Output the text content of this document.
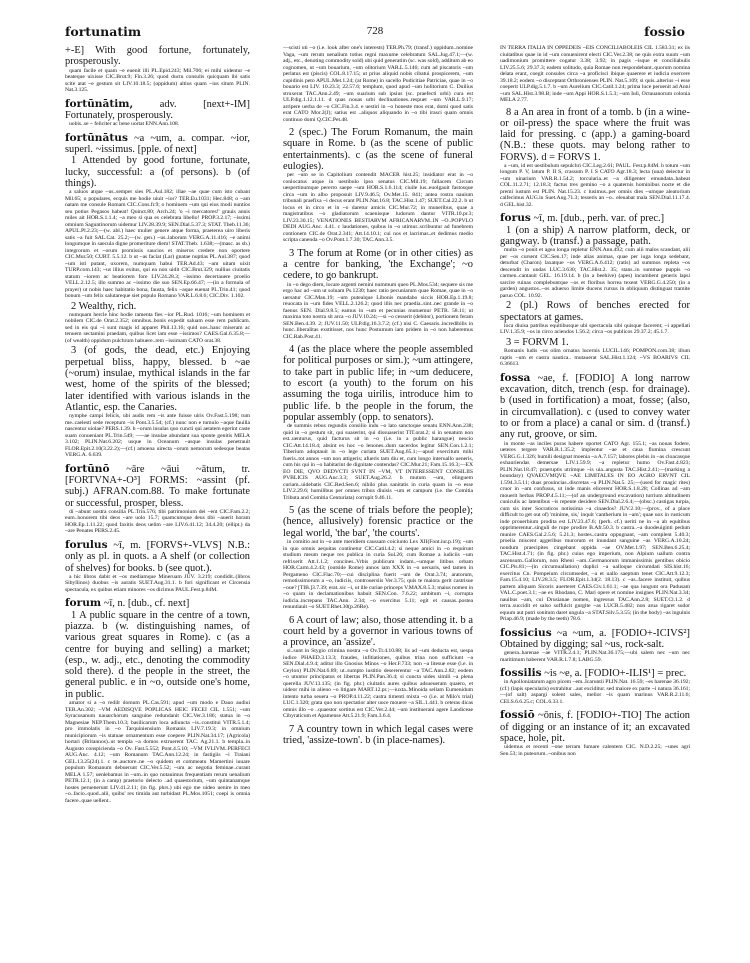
fortunatim	728	fossio

+-E] With good fortune, fortunately, prosperously.

quam facile et quam ~e euenit illi PL.Epid.243; Mil.706; ei mihi uidentur ~e beateque uixisse CIC.Brut.9; Fin.3.26; quod ductu consulis quicquam ibi satis scite atat ~e gestum sit LIV.10.18.5; (oppidum) altius quam ~ius situm PLIN. Nat.3.125.

fortūnātim,	adv. [next+-IM] Fortunately, prosperously.

uobis..se ~ feliciter ac bene uortat ENN.Ann.108.

fortūnātus ~a ~um, a. compar. ~ior, superl. ~issimus. [pple. of next]

1 Attended by good fortune, fortunate, lucky, successful: a (of persons). b (of things).

a saluos atque ~us..semper sies PL.Aul.182; illae ~ae quae cum isto cubant Mil.65; o populares, ecquis me hodie uiuit ~ior? TER.Eu.1031; Hec.848; o ~am natam me consule Romam CIC.Cons.fr.9; o hominem ~um qui eius modi nuntios seu potius Pegasos habeat! Quinct.80; Arch.24; 'o ~i mercatores!' grauis annis miles ait HOR.S.1.1.4; ~a meo si qua es celebrata libello! PROP.3.2.17; ~issimi omnium Saguntinorum uidemur LIV.28.39.9; SEN.Dial.5.37.3; STAT. Theb.11.36; APUL.Pl.2.23;—(w. abl.) haec mulier genere atque forma, praeterea uiro liberis satis ~a fuit SAL.Cat. 25.2;—(w. gen.) ~us..laborum VERG.A.11.416; ~e animi longumque in saecula digne promeriture diem! STAT.Theb. 1.638;—(masc. as sb.) integrorum et ~orum promissis saucios et miseros credere non oportere CIC.Mur.50; CURT. 5.5.12. b ut ~as faciat (Lar) gnatae nuptias PL.Aul.387; quod ~um isti putant, uxorem, numquam habui TER.Ad.43; ~am uitam uixit TURP.com.143; ~us illius exitus, qui ea non uidit CIC.Brut.329; nullius ciuitatis statum ~iorem ac beatiorem fore LIV.24.28.3; ~issimo decertauere proelio VELL.2.12.5; illo summo ac ~issimo die suo SEN.Ep.66.47; —(in a formula of prayer) ut nobis haec habitatio bona, fausta, felix ~aque euenat PL.Trin.41; quod bonum ~um felix salutareque siet populo Romano VAR.L.6.8.6; CIC.Div. 1.102.

2 Wealthy, rich.

numquam hercle hinc hodie ramenta fies ~ior PL.Rud. 1016; ~um hominem et nobilem CIC.de Orat.2.352; omnibus..bonis expedit saluam esse rem publicam. sed in eis qui ~i sunt magis id apparet Phil.13.16; quid uos..hanc miseram ac tenuem sectamini praedam, quibus licet iam esse ~issimos? CAES.Gal.6.35.8;—(of wealth) oppidum pulchrum habuere..rem ~issimam CATO orat.38.

3 (of gods, the dead, etc.) Enjoying perpetual bliss, happy, blessed. b ~ae (~orum) insulae, mythical islands in the far west, home of the spirits of the blessed; later identified with various islands in the Atlantic, esp. the Canaries.

nymphe campi felicis, ubi audis rem ~is ante fuisse uiris Ov.Fast.5.198; tum me..caelesti sede receptum ~is Pont.3.5.54; (cf.) nunc non e tumulo ~aque fauilla nascentur uiolae? PERS.1.39. b ~orum insulas quo cuncti qui aetatem egerint caste suam conueniant PL.Trin.549; —~ae insulae abundant sua sponte genitis MELA 3.102; PLIN.Nat.6.202; usque in Oceanum ~asque insulas penetrauit FLOR.Epit.2.10(3.22.2);—(cf.) amoena uirecta ~orum nemorum sedesque beatas VERG.A. 6.639.

fortūnō ~āre ~āui ~ātum, tr. [FORTVNA+-O³] FORMS: ~assint (pf. subj.) AFRAN.com.88. To make fortunate or successful, prosper, bless.

di ~abunt uostra consilia PL.Trin.576; tibi patrimonium dei ~ent CIC.Fam.2.2; eum..honorem tibi deos ~are uolo 15.7; quamcumque deus tibi ~auerit horam HOR.Ep.1.11.22; quod faxitis deos uelim ~are LIV.6.41.12; 34.4.20; (ellipt.) da ~are Penates PERS.2.45.

forulus ~ī, m. [FORVS+-VLVS] N.B.: only as pl. in quots. a A shelf (or collection of shelves) for books. b (see quot.).

a hic libros dabit et ~os mediamque Mineruam JUV. 3.219; condidit..(libros Sibyllinos) duobus ~is auratis SUET.Aug.31.1. b fori significant et Circensia spectacula, ex quibus etiam minores ~os dicimus PAUL.Fest.p.84M.

forum ~ī, n. [dub., cf. next]

1 A public square in the centre of a town, piazza. b (w. distinguishing names, of various great squares in Rome). c (as a centre for buying and selling) a market; (esp., w. adj., etc., denoting the commodity sold there). d the people in the street, the general public. e in ~o, outside one's home, in public.

amator si a ~o redilt domum PL.Cas.591; apud ~um modo e Dauo audiui TER.An.302; ~VM AEDISQVE POPLICAS HEIC FECEI CIL 1.551; ~um Syracusanum nauarchorum sanguine redundanit CIC.Ver.3.186; statua in ~o Magnesiae NEP.Them.10.3; basilicarum loca adiuncta ~is..constitui VITR.5.1.4; pro immolatis in ~o Tarquiniensium Romanis LIV.7.19.3; in omnium municipiorum ~is statuae ornamentum esse coepere PLIN.Nat.34.17; (Agricola) hortari (Britannos)..ut templa ~a domos extruerent TAC. Ag.21.1. b templa..in Augusto conspicienda ~o Ov. Fast.5.552; Pont.4.5.10; ~VM IVLIVM..PERFECI AUG.Anc. 4.12; ~um Romanum TAC.Ann.12.24; in fastigiis ~i Traiani GEL.13.25(24).1. c te..auctore..ne ~o quidem et commeatu Mamertini iuuare populum Romanum debuerunt CIC.Ver.5.52; ~um ac negotia feminae..curant MELA 1.57; uenlebamus in ~um..in quo notauimus frequentiam rerum uenalium PETR.12.1; (in a camp) praetorio delecto ..ad quaestorium, ~um quintanamque hostes peruenerunt LIV.41.2.11; (in fig. phrs.) ubi ego me uideo uenire in meo ~o..facio..quod..alii, quibu' res timida aut turbidast PL.Mos.1051; coepi is omnia facere..quae uellent..

—scisti uti ~o (i.e. look after one's interests) TER.Ph.79; (transf.) oppidum..nomine Vaga, ~um rerum uenalium totius regni maxume celebratum SAL.Jug.47.1;—(w. adj., etc., denoting commodity sold) ubi quid generatim (sc. was sold), additum ab eo cognomen, ut ~um bouarium, ~um olitorium VAR.L.5.146; cum ad piscatoris ~um perlatus est (piscis) COL.8.17.15; ut prius aliquid nobis cibatui prospicerem, ~um cupidinis peto APUL.Met.1.24; (at Rome) in sacello Pudicitiae Patriciae, quae in ~o bouario est LIV. 10.23.3; 22.57.6; templum, quod apud ~um holitorium C. Duilius struxerat TAC.Ann.2.49; ~um suarium sub ipsius (sc. praefecti urbi) cura est ULP.dig.1.12.1.11. d quas nouas urbi declinationes..respuet ~um VAR.L.9.17; arripere uerba de ~o CIC.Fin.3.4. e uestiri in ~o honeste mos erat, domi quod satis erat CATO Mor.2(J); satius est ..aliquos aliquando in ~o tibi irasci quam omnis continuo domi Q.CIC.Pet.48.

2 (spec.) The Forum Romanum, the main square in Rome. b (as the scene of public entertainments). c (as the scene of funeral eulogies).

per ~um se in Capitolium contendit MACER hist.25; insidiator erat in ~o conlocatus atque in uestibulo ipso senatus CIC.Mil.19; fallacem Circum uespertinumque pererro saepe ~um HOR.S.1.6.114; ciuile ius..euolgauit fastosque circa ~um in albo proposuit LIV.9.46.5; Ov.Met.15. 841; antea rostra nauium tribunali praefixa ~i decus erant PLIN.Nat.16.8; TAC.Hist.1.47; SUET.Cal.22.2. b ut locus et in circo et in ~o daretur amicis CIC.Mur.72; in muneribus, quae a magistratibus ~o gladiatorum scaenisque ludorum dantur VITR.10.pr.3; LIV.23.30.15; VENATIONES BESTIARVM AFRICANARVM..IN ~O..POPVLO DEDI AUG.Anc. 4.41. c laudationes, quibus in ~o utimur..scribuntur ad funebrem contionem CIC.de Orat.2.341; Att.14.10.1; cui nos et lacrimas..et dedimus medio scripta canenda ~o Ov.Pont.1.7.30; TAC.Ann.3.5.

3 The forum at Rome (or in other cities) as a centre for banking, 'the Exchange'; ~o cedere, to go bankrupt.

in ~o dego diem, locare argenti nemini nummum queo PL.Mos.534; sequere sis me ergo hac ad ~um ut soluam Ps.1230; haec ratio pecuniarum quae Romae, quae in ~o uersatur CIC.Man.19; ~um putealque Libonis mandabo siccis HOR.Ep.1.19.8; reuocata in ~um fides VELL.2.126.2; quod illis nec praedia..sint..nec grande in ~o faenus SEN. Dial.9.8.5; eamus in ~um et pecunias mutuemur PETR. 58.11; ut maxima toto nostra sit arca ~o JUV.10.24;—si ~o cesserit (debitor), portionem feram SEN.Ben.4.39. 2; JUV.11.50; ULP.dig.16.3.7.2; (cf.) nisi C. Caesaris..incredibilis in hunc..liberalitas exstitisset, nos hunc Postumum iam pridem in ~o non haberemus CIC.Rab.Post.41.

4 (as the place where the people assembled for political purposes or sim.); ~um attingere, to take part in public life; in ~um deducere, to escort (a youth) to the forum on his assuming the toga uirilis, introduce him to public life. b the people in the forum, the popular assembly (opp. to senators).

de summis rebus regundis consilio indu ~o lato sanctoque senatu ENN.Ann.238; quid in ~o gestum sit, qui suaserint, qui dissuaserint TIT.orat.2; si in senatum non est..uenturus, quid facturus sit in ~o (i.e. in a public harangue) nescio CIC.Att.14.18.4; absint ex hoc ~o lenones..dum sacerdos legitur SEN.Con.1.2.1; Tiberium adoptauit in ~o lege curiata SUET.Aug.65.1;—apud exercitum mihi fueris..tot annos ~um non attigeris; afueris tam diu et, cum longo interuallo ueneris, cum his qui in ~o habitarint de dignitate contendas? CIC.Mur.21; Fam.15.16.3;—EX EO DIE, QVO DEDVCTI SVNT IN ~VM, VT INTERESSENT CONSILIIS PVBLICIS AUG.Anc.3.3; SUET.Aug.26.2. b mutum ~um, elinguem curiam..uidebatis CIC.Red.Sen.6; nihilo plus sanitatis in curia quam in ~o esse LIV.2.29.6; humilibus per omnes tribus diuisis ~um et campum (i.e. the Comitia Tributa and Comitia Centuriata) corrupit 9.46.11.

5 (as the scene of trials before the people); (hence, allusively) forensic practice or the legal world, 'the bar', 'the courts'.

in comitio aut in ~o ante meridiem caussam coiciunto Lex XII(Font.iur.p.19); ~um in quo omnis aequitas continetur CIC.Catil.4.2; si neque amici in ~o requirunt studium meum neque res publica in curia Sul.26; cum Romae a iudiciis ~um refrixerit Att.1.1.2; concines..Vrbis publicum indam..~umque litibus orbam HOR.Carm.4.2.43; (outside Rome) annos iam XXX in ~o uersaris, sed tamen in Pergameno CIC.Flac.70;—cui disciplina fuerit ~um de Orat.3.74; aratorum, remotissimorum a ~o, iudiciis, controuersiis Ver.3.75; quis te maiora gerit castrisue ~oue? [TIB.]3.7.39; erat..sic ~i, ut ille curiae princeps V.MAX.8.5.3; maius nomen in ~o quam in declamationibus habuit SEN.Con. 7.6.22; ambitum ~i, corrupta iudicia..increpans TAC.Ann. 2.34; ~o exercitus 5.11; egit et causas..postea renuntiauit ~o SUET.Rhet.30(p.26Re).

6 A court of law; also, those attending it. b a court held by a governor in various towns of a province, an 'assize'.

si..sunt in Stygio crimina nostra ~o Ov.Tr.4.10.88; lis ad ~um deducta est, uespa iudice PHAED.3.13.3; fraudes, infitiationes, quibus trina non sufficiunt ~a SEN.Dial.4.9.4; aditur illo Gnosius Minos ~o Her.F.733; non ~a litesue esse (i.e. in Ceylon) PLIN.Nat.6.89; ut..sumpto iustitio desererentur ~a TAC.Ann.2.82; eodem ~o utuntur principatus et libertas PLIN.Pan.36.4; si cuncta uides simili ~a plena querella JUV.13.135; (in fig. phr.) ciuitatis aures quibus adsueueram quaero, et uideor mihi in alieno ~o litigare MART.12.pr.;—iuxta..Minoida sellam Eumenidum intento turba seuera ~o PROP.4.11.22; castra timenti mixta ~o (i.e. at Milo's trial) LUC.1.320; grata quo non spectatior alter uoce mouere ~a SIL.1.441. b ceteras dicas omnis illo ~o ..quaestor sortitus est CIC.Ver.2.44; ~um instituerani agere Laodiceae Cibyraticum et Apamense Att.5.21.9; Fam.3.6.4.

7 A country town in which legal cases were tried, 'assize-town'. b (in place-names).

IN TERRA ITALIA IN OPPEDEIS ~EIS CONCILIABOLEIS CIL 1.583.31; ex iis ciuitatibus quae in id ~um conuenirent electi CIC.Ver.2.38; ne quis extra suum ~um uadimonium promittere cogatur 3.38; 3.92; in pagis ~isque et conciliabulis LIV.25.5.6; 29.37.3; eadem solitudo, quia Romae non respondebant..quorum nomina delata erant, coegit consules circa ~a proficisci ibique quaerere et iudicia exercere 39.18.2; eodem ~o disceptant Orthronienses PLIN. Nat.5.109; si quis..alterius ~i esse coeperit ULP.dig.5.1.7. b ~um Aurelium CIC.Catil.1.24; prima luce peruenit ad Anni ~um SAL.Hist.3.98.B; inde ~um Appi HOR.S.1.5.3; ~um Iuli, Octauanorum colonia MELA 2.77.

8 a An area in front of a tomb. b (in a wine- or oil-press) the space where the fruit was laid for pressing. c (app.) a gaming-board (N.B.: these quots. may belong rather to FORVS). d = FORVS 1.

a ~um, id est uestibulum sepulchri CIC.Leg.2.61; PAUL. Fest.p.84M. b totum ~um longum P. V, latum P. II S, crassum P. I S CATO Agr.18.3; lecta (uua) deiectur in ~um uinarium VAR.R.1.54.2; torcularia..et ~a diligenter emundata..habeat COL.11.2.71; 12.18.3; factus tres gemino ~o a quaternis hominibus nocte et die premi iustum est PLIN. Nat.15.23. c lusimus..per omnis dies ~umque aleatorium calfecimus AUG.in Suet.Aug.71.3; tesseris an ~o.. eleuabat mala SEN.Dial.11.17.4. d GEL.hist.32.

forus ~ī, m. [dub., perh. var. of prec.]

1 (on a ship) A narrow platform, deck, or gangway. b (transf.) a passage, path.

multa ~o ponit et agea longa repletur ENN.Ann.492; cum alii malos scandant, alii per ~os cursent CIC.Sen.17; inde alias animas, quae per iuga longa sedebant, deturbat (Charon) laxatque ~os VERG.A.6.412; (ratis) ad summos repleta ~os descendit in undas LUC.3.630; TAC.Hist.2. 35; stans..in summae puppis ~o carmen..cantauit GEL. 16.19.14. b (in a beehive) (apes) incumbent generis lapsi sarcire ruinas complebuntque ~os et floribus horrea texent VERG.G.4.250; (in a garden) angustos..~os aduerso limite ducens rursus in obliquum distinguat tramite paruo COL. 10.92.

2 (pl.) Rows of benches erected for spectators at games.

loca diuisa patribus equitibusque ubi spectacula sibi quisque facerent; ~i appellati LIV.1.35.9; ~os in circo aciendos 1.56.2; circa ~os publicos 29.37.2; 45.1.7.

3 = FORVM 1.

Romanis ludis ~us olim ornatus lucernis LUCIL.146; POMPON.com.38; illum raptis ~um et castra nautica.. mutauerat SAL.Hist.1.124; ~VS BOARIVS CIL 6.36613.

fossa ~ae, f. [FODIO] A long narrow excavation, ditch, trench (esp. for drainage). b (used in fortification) a moat, fosse; (also, in circumvallation). c (used to convey water to or from a place) a canal or sim. d (transf.) any rut, groove, or sim.

in monte ~as inciles puras habere oportet CATO Agr. 155.1; ~as nouas fodere, ueteres tergere VAR.R.1.35.2; implentur ~ae et caua flumina crescunt VERG.G.1.326; humili designat moenia ~a A.7.157; labores plebis in ~as cloacasque exhauriendas demersae LIV.1.59.9; ~a repletur humo Ov.Fast.4.823; PLIN.Nat.18.47; praeruptis utrimque ~is uia..angusta TAC.Hist.2.41;—(marking a boundary) QVAECVMQVE ~AE LIMITALES IN EO AGRO ERVNT CIL 1.594.3.5.11; duas prouincias..discretas ~a PLIN.Nat.5. 25;—(used for magic rites) cruor in ~am confusus, ut inde manis elicerent HOR.S.1.8.28; Collinas ad ~am mouerit herbas PROP.4.5.11;—(of an underground excavation) turrium altitudinem cuniculis ac latentibus ~is repente desidere SEN.Dial.2.6.4;—(obsc.) castigas turpia, cum sis inter Socraticos notissima ~a cinaedos? JUV.2.10;—(prov., of a place difficult to get out of) 'minime, sis,' inquit 'cantherium in ~am'; quae uox in rusticum inde prouerbium prodita est LIV.23.47.6; (perh. cf.) ueriti ne in ~a ab equitibus opprimerentur..singuli de rupe prodire B.Afr.50.3. b castra..~a duodeuiginti pedum munire CAES.Gal.2.5.6; 5.21.3; hostes..castra oppugnant, ~am complent 5.40.3; proelia miscent aggeribus murorum et inundant sanguine ~as VERG.A.10.24; nondum praecipites cingebant oppida ~ae OV.Met.1.97; SEN.Ben.6.25.4; TAC.Hist.4.71; (in fig. phr.) cuius ego imperium, non Alpium uallum contra ascensum..Gallorum, non Rheni ~am..Germanorum immanissimis gentibus obicio CIC.Pis.81;—(in circumuallation) duplici ~a ualloque circumdati SIS.hist.16; exercitus Cn. Pompeium circumsedet, ~a et uallo saeptum tenet CIC.Att.9.12.3; Fam.15.4.10; LIV.28.3.5; FLOR.Epit.1.34(2. 18.13). c ~as..facere instituit, quibus partem aliquam Sicoris auerteret CAES.Civ.1.61.1; ~ae qua iungunt ora Padusam VAL.C.poet.3.1; ~ae ex Rhodano, C. Mari opere et nomine insignes PLIN.Nat.3.34; nauibus ~am, cui Drusianae nomen, ingressus TAC.Ann.2.8; SUET.Cl.1.2. d terra..succidit et salso suffulcit gurgite ~as LUCR.5.482; non arua rigaret sudor equum aut putri sonitum daret ungula ~a STAT.Silv.5.3.55; (in the body) ~as inguinis Priap.46.9; (made by the teeth) 78.6.

fossicius ~a ~um, a. [FODIO+-ICIVS²] Obtained by digging; sal ~us, rock-salt.

genera..harenae ~ae VITR.2.4.1; PLIN.Nat.36.175;—ubi salem nec ~um nec maritimum haberent VAR.R.1.7.8; LABG.59.

fossilis ~is ~e, a. [FODIO+-ILIS¹] = prec.

in Apolloniatarum agro picem ~em..Icaruntii PLIN.Nat. 16.59; ~es harenae 36.192; (cf.) (lapis specularis) extrahitur ..aut exciditur. sed maiore ex parte ~i natura 36.161; —(of salt) aspargi solent sales, melior ~is quam marinus VAR.R.2.11.6; CELS.6.6.25.c; COL.6.33.1.

fossiō ~ōnis, f. [FODIO+-TIO] The action of digging or an instance of it; an excavated space, hole, pit.

uidemus et recenti ~one terram fumare calentem CIC. N.D.2.25; ~unes agri Sen.53; in puteorum..~onibus non
